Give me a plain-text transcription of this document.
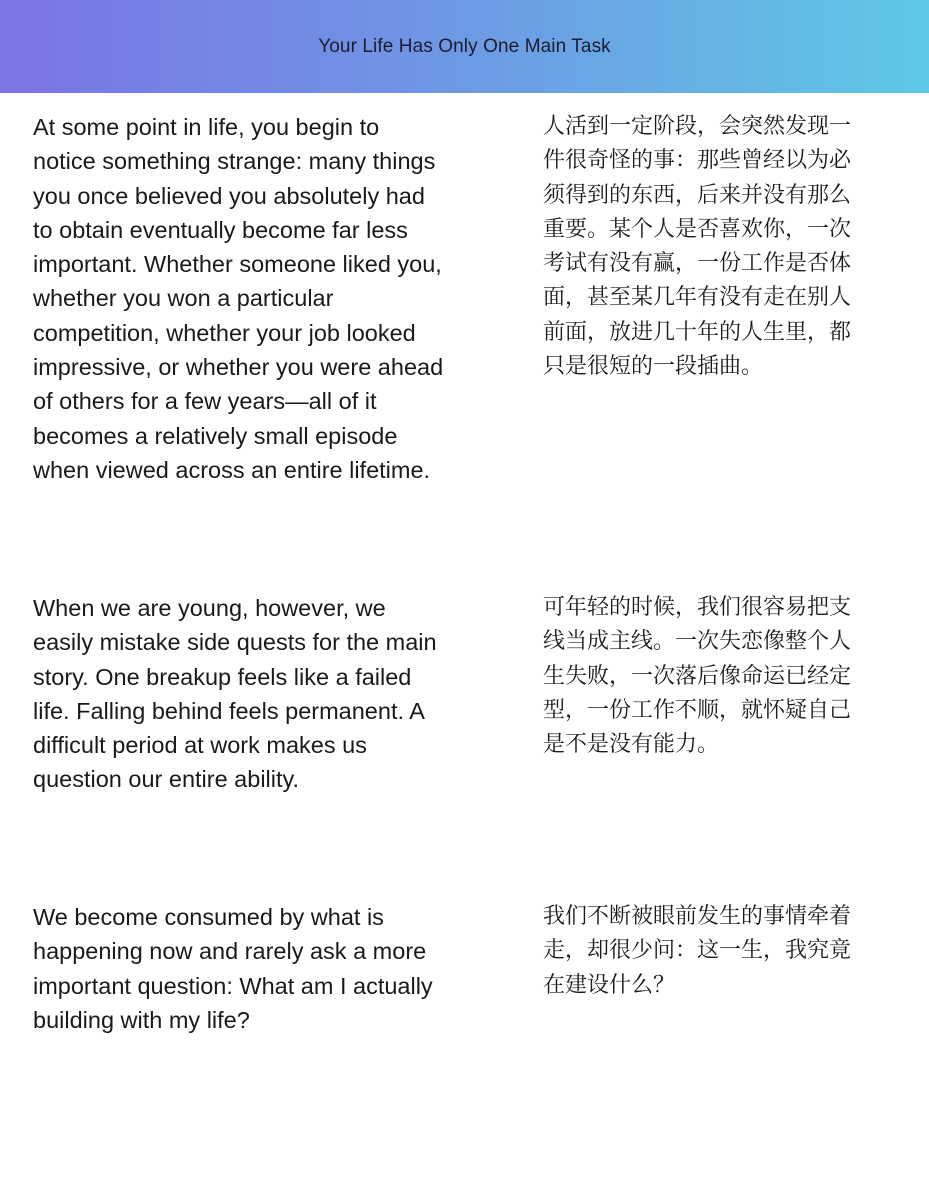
Your Life Has Only One Main Task

At some point in life, you begin to
notice something strange: many things
you once believed you absolutely had
to obtain eventually become far less
important. Whether someone liked you,
whether you won a particular
competition, whether your job looked
impressive, or whether you were ahead
of others for a few years—all of it
becomes a relatively small episode
when viewed across an entire lifetime.

人活到一定阶段，会突然发现一
件很奇怪的事：那些曾经以为必
须得到的东西，后来并没有那么
重要。某个人是否喜欢你，一次
考试有没有赢，一份工作是否体
面，甚至某几年有没有走在别人
前面，放进几十年的人生里，都
只是很短的一段插曲。

When we are young, however, we
easily mistake side quests for the main
story. One breakup feels like a failed
life. Falling behind feels permanent. A
difficult period at work makes us
question our entire ability.

可年轻的时候，我们很容易把支
线当成主线。一次失恋像整个人
生失败，一次落后像命运已经定
型，一份工作不顺，就怀疑自己
是不是没有能力。

We become consumed by what is
happening now and rarely ask a more
important question: What am I actually
building with my life?

我们不断被眼前发生的事情牵着
走，却很少问：这一生，我究竟
在建设什么？
